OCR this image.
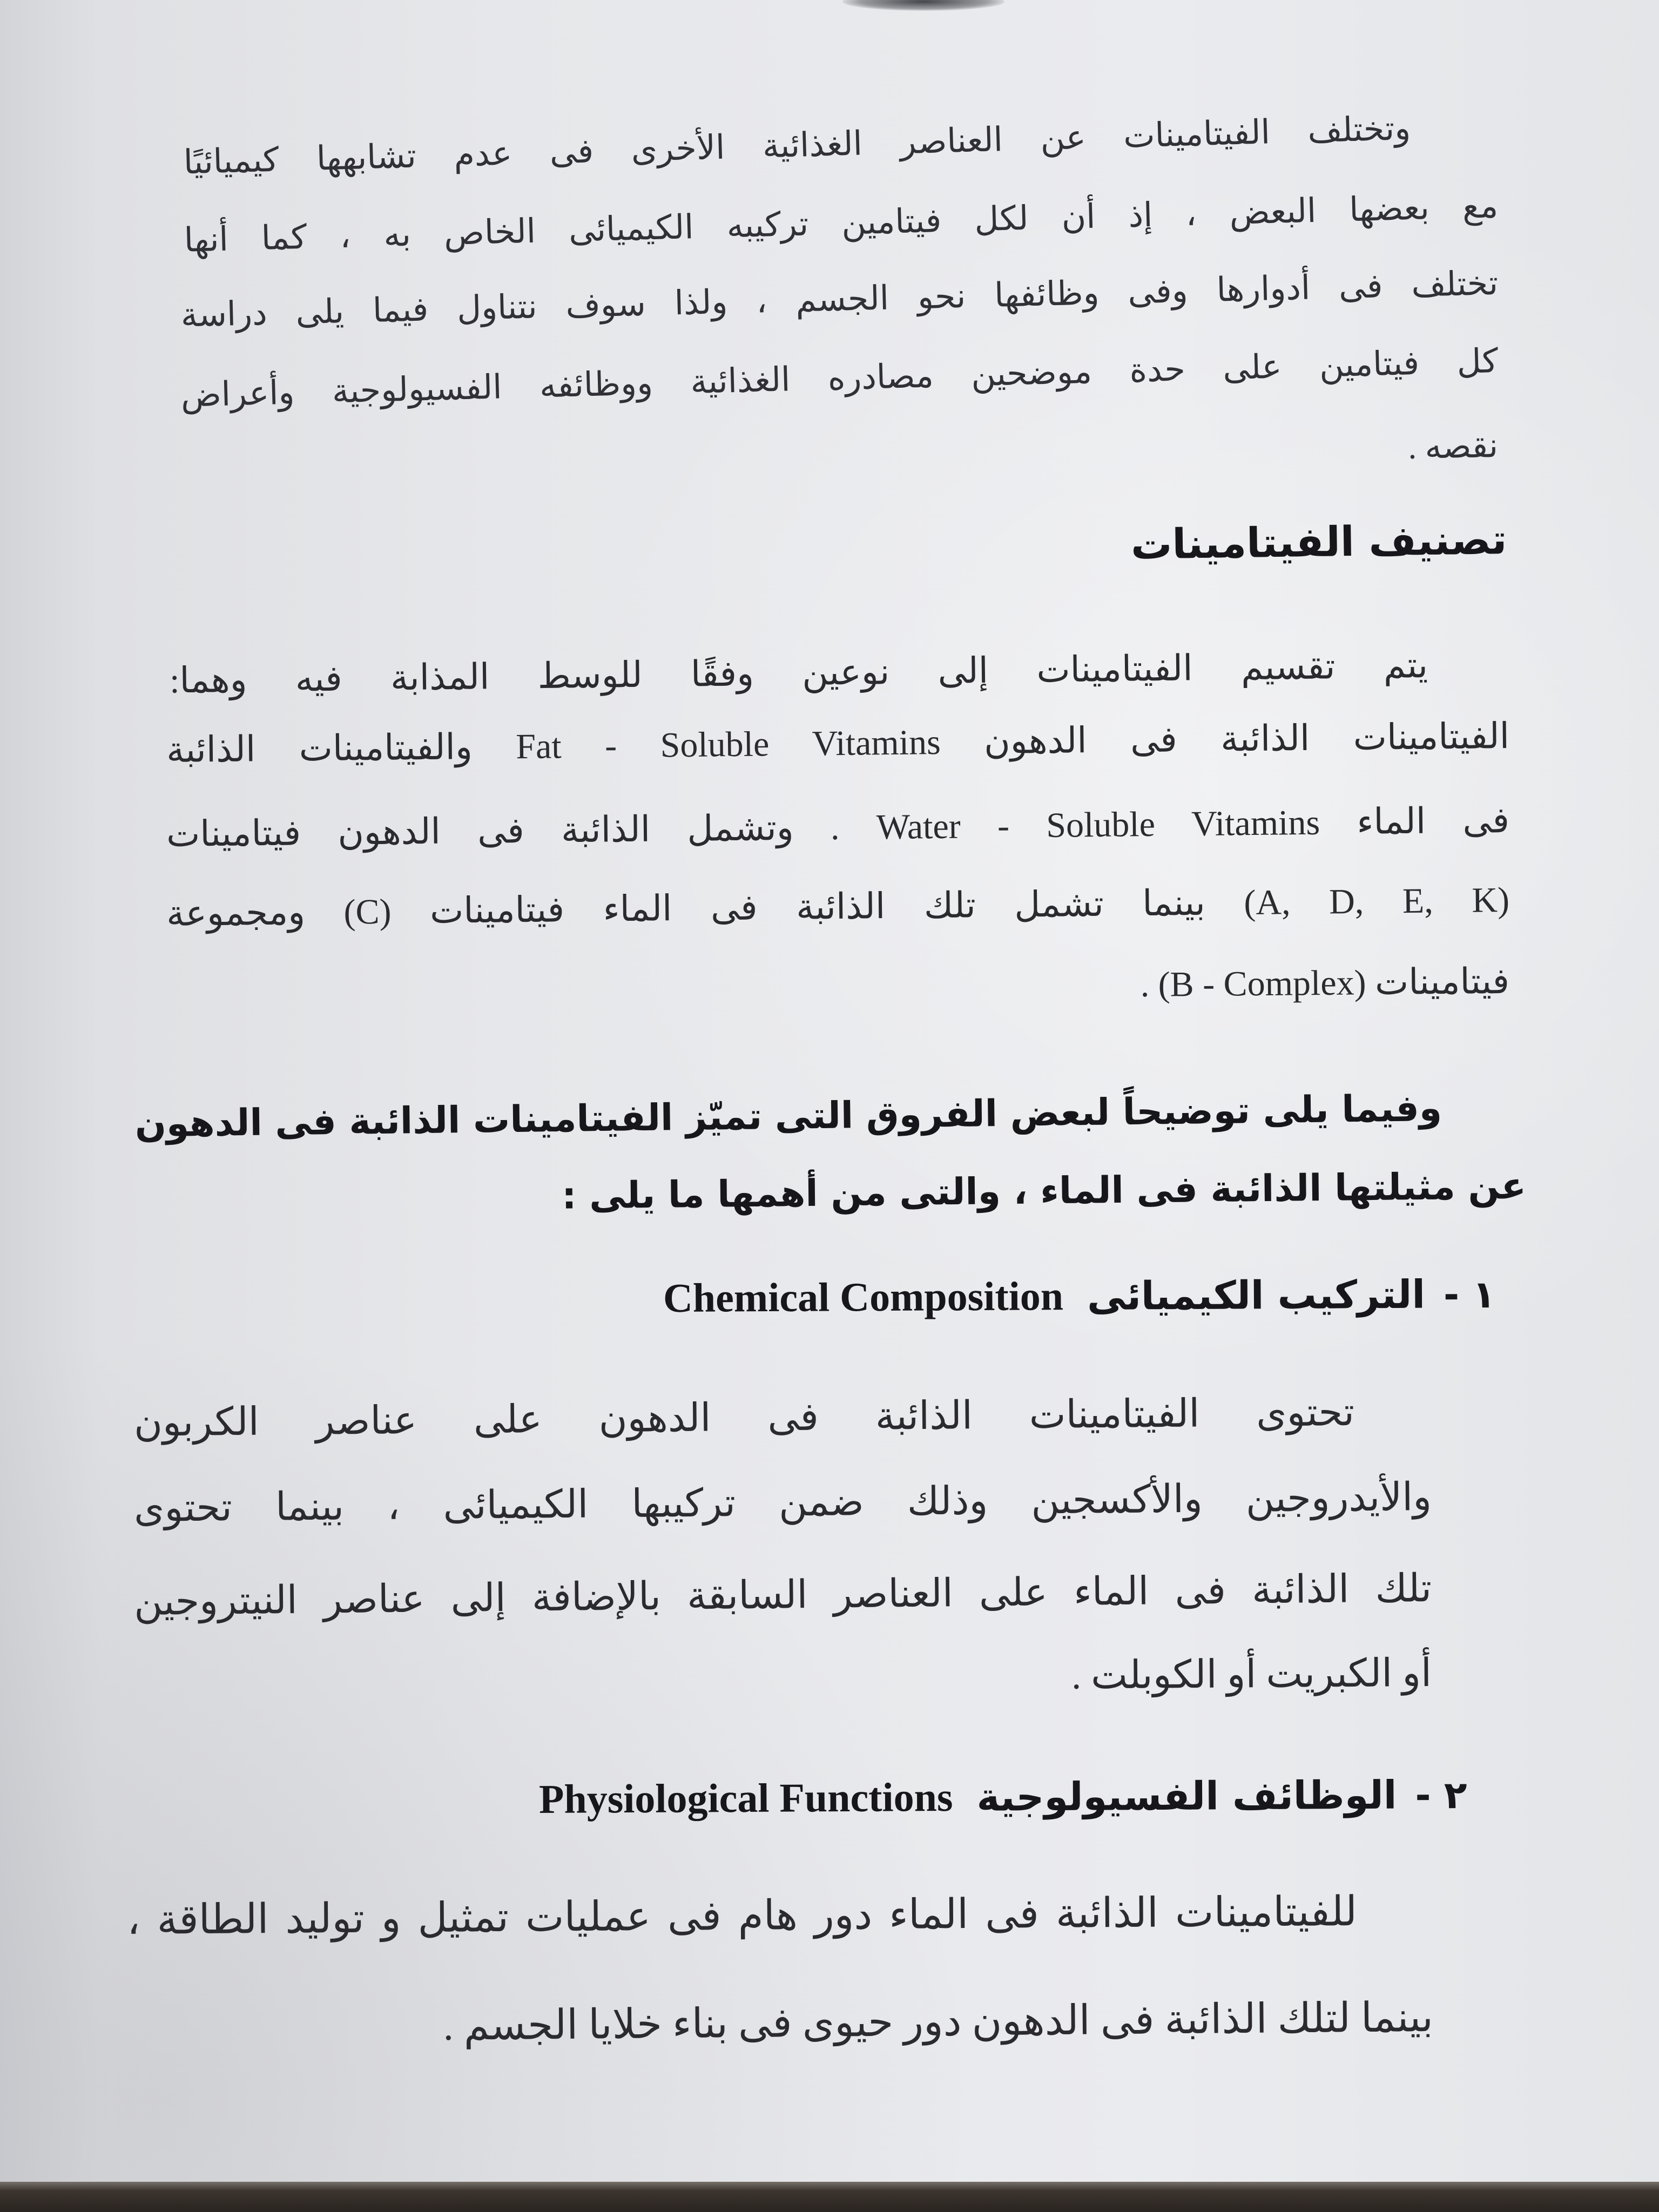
وتختلف الفيتامينات عن العناصر الغذائية الأخرى فى عدم تشابهها كيميائيًا
مع بعضها البعض ، إذ أن لكل فيتامين تركيبه الكيميائى الخاص به ، كما أنها
تختلف فى أدوارها وفى وظائفها نحو الجسم ، ولذا سوف نتناول فيما يلى دراسة
كل فيتامين على حدة موضحين مصادره الغذائية ووظائفه الفسيولوجية وأعراض
نقصه .
تصنيف الفيتامينات
يتم تقسيم الفيتامينات إلى نوعين وفقًا للوسط المذابة فيه وهما:
الفيتامينات الذائبة فى الدهون Fat - Soluble Vitamins والفيتامينات الذائبة
فى الماء Water - Soluble Vitamins . وتشمل الذائبة فى الدهون فيتامينات
(A, D, E, K) بينما تشمل تلك الذائبة فى الماء فيتامينات (C) ومجموعة
فيتامينات (B - Complex) .
وفيما يلى توضيحاً لبعض الفروق التى تميّز الفيتامينات الذائبة فى الدهون
عن مثيلتها الذائبة فى الماء ، والتى من أهمها ما يلى :
١ -التركيب الكيميائىChemical Composition
تحتوى الفيتامينات الذائبة فى الدهون على عناصر الكربون
والأيدروجين والأكسجين وذلك ضمن تركيبها الكيميائى ، بينما تحتوى
تلك الذائبة فى الماء على العناصر السابقة بالإضافة إلى عناصر النيتروجين
أو الكبريت أو الكوبلت .
٢ -الوظائف الفسيولوجيةPhysiological Functions
للفيتامينات الذائبة فى الماء دور هام فى عمليات تمثيل و توليد الطاقة ،
بينما لتلك الذائبة فى الدهون دور حيوى فى بناء خلايا الجسم .
